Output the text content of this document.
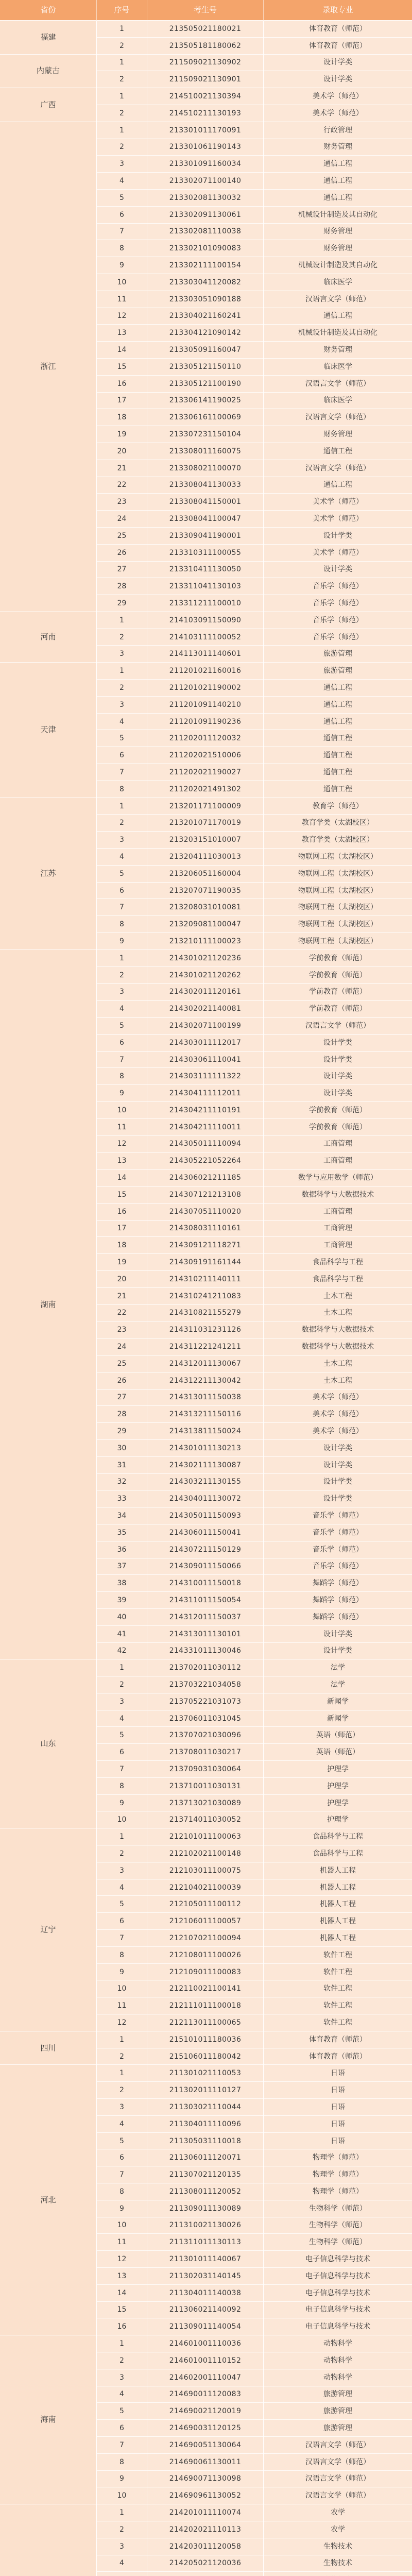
省份	序号	考生号	录取专业
福建
1	213505021180021	体育教育（师范）
2	213505181180062	体育教育（师范）
内蒙古
1	211509021130902	设计学类
2	211509021130901	设计学类
广西
1	214510021130394	美术学（师范）
2	214510211130193	美术学（师范）
浙江
1	213301011170091	行政管理
2	213301061190143	财务管理
3	213301091160034	通信工程
4	213302071100140	通信工程
5	213302081130032	通信工程
6	213302091130061	机械设计制造及其自动化
7	213302081110038	财务管理
8	213302101090083	财务管理
9	213302111100154	机械设计制造及其自动化
10	213303041120082	临床医学
11	213303051090188	汉语言文学（师范）
12	213304021160241	通信工程
13	213304121090142	机械设计制造及其自动化
14	213305091160047	财务管理
15	213305121150110	临床医学
16	213305121100190	汉语言文学（师范）
17	213306141190025	临床医学
18	213306161100069	汉语言文学（师范）
19	213307231150104	财务管理
20	213308011160075	通信工程
21	213308021100070	汉语言文学（师范）
22	213308041130033	通信工程
23	213308041150001	美术学（师范）
24	213308041100047	美术学（师范）
25	213309041190001	设计学类
26	213310311100055	美术学（师范）
27	213310411130050	设计学类
28	213311041130103	音乐学（师范）
29	213311211100010	音乐学（师范）
河南
1	214103091150090	音乐学（师范）
2	214103111100052	音乐学（师范）
3	214113011140601	旅游管理
天津
1	211201021160016	旅游管理
2	211201021190002	通信工程
3	211201091140210	通信工程
4	211201091190236	通信工程
5	211202011120032	通信工程
6	211202021510006	通信工程
7	211202021190027	通信工程
8	211202021491302	通信工程
江苏
1	213201171100009	教育学（师范）
2	213201071170019	教育学类（太湖校区）
3	213203151010007	教育学类（太湖校区）
4	213204111030013	物联网工程（太湖校区）
5	213206051160004	物联网工程（太湖校区）
6	213207071190035	物联网工程（太湖校区）
7	213208031010081	物联网工程（太湖校区）
8	213209081100047	物联网工程（太湖校区）
9	213210111100023	物联网工程（太湖校区）
湖南
1	214301021120236	学前教育（师范）
2	214301021120262	学前教育（师范）
3	214302011120161	学前教育（师范）
4	214302021140081	学前教育（师范）
5	214302071100199	汉语言文学（师范）
6	214303011112017	设计学类
7	214303061110041	设计学类
8	214303111111322	设计学类
9	214304111112011	设计学类
10	214304211110191	学前教育（师范）
11	214304211110011	学前教育（师范）
12	214305011110094	工商管理
13	214305221052264	工商管理
14	214306021211185	数学与应用数学（师范）
15	214307121213108	数据科学与大数据技术
16	214307051110020	工商管理
17	214308031110161	工商管理
18	214309121118271	工商管理
19	214309191161144	食品科学与工程
20	214310211140111	食品科学与工程
21	214310241211083	土木工程
22	214310821155279	土木工程
23	214311031231126	数据科学与大数据技术
24	214311221241211	数据科学与大数据技术
25	214312011130067	土木工程
26	214312211130042	土木工程
27	214313011150038	美术学（师范）
28	214313211150116	美术学（师范）
29	214313811150024	美术学（师范）
30	214301011130213	设计学类
31	214302111130087	设计学类
32	214303211130155	设计学类
33	214304011130072	设计学类
34	214305011150093	音乐学（师范）
35	214306011150041	音乐学（师范）
36	214307211150129	音乐学（师范）
37	214309011150066	音乐学（师范）
38	214310011150018	舞蹈学（师范）
39	214311011150054	舞蹈学（师范）
40	214312011150037	舞蹈学（师范）
41	214313011130101	设计学类
42	214331011130046	设计学类
山东
1	213702011030112	法学
2	213703221034058	法学
3	213705221031073	新闻学
4	213706011031045	新闻学
5	213707021030096	英语（师范）
6	213708011030217	英语（师范）
7	213709031030064	护理学
8	213710011030131	护理学
9	213713021030089	护理学
10	213714011030052	护理学
辽宁
1	212101011100063	食品科学与工程
2	212102021100148	食品科学与工程
3	212103011100075	机器人工程
4	212104021100039	机器人工程
5	212105011100112	机器人工程
6	212106011100057	机器人工程
7	212107021100094	机器人工程
8	212108011100026	软件工程
9	212109011100083	软件工程
10	212110021100141	软件工程
11	212111011100018	软件工程
12	212113011100065	软件工程
四川
1	215101011180036	体育教育（师范）
2	215106011180042	体育教育（师范）
河北
1	211301021110053	日语
2	211302011110127	日语
3	211303021110044	日语
4	211304011110096	日语
5	211305031110018	日语
6	211306011120071	物理学（师范）
7	211307021120135	物理学（师范）
8	211308011120052	物理学（师范）
9	211309011130089	生物科学（师范）
10	211310021130026	生物科学（师范）
11	211311011130113	生物科学（师范）
12	211301011140067	电子信息科学与技术
13	211302031140145	电子信息科学与技术
14	211304011140038	电子信息科学与技术
15	211306021140092	电子信息科学与技术
16	211309011140054	电子信息科学与技术
海南
1	214601001110036	动物科学
2	214601001110152	动物科学
3	214602001110047	动物科学
4	214690011120083	旅游管理
5	214690021120019	旅游管理
6	214690031120125	旅游管理
7	214690051130064	汉语言文学（师范）
8	214690061130011	汉语言文学（师范）
9	214690071130098	汉语言文学（师范）
10	214690961130052	汉语言文学（师范）
1	214201011110074	农学
2	214202021110113	农学
3	214203011120058	生物技术
4	214205021120036	生物技术
